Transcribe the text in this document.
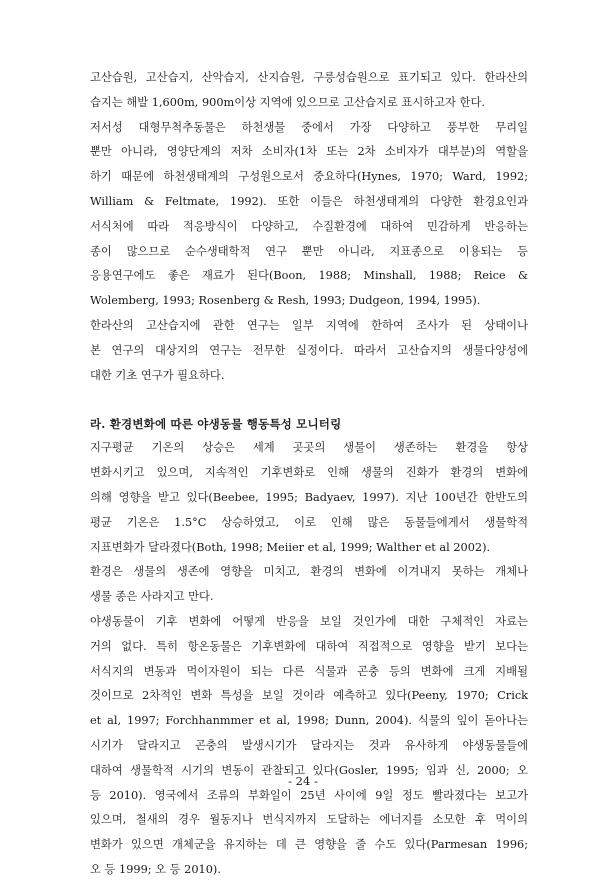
고산습원, 고산습지, 산악습지, 산지습원, 구릉성습원으로 표기되고 있다. 한라산의
습지는 해발 1,600m, 900m이상 지역에 있으므로 고산습지로 표시하고자 한다.

저서성 대형무척추동물은 하천생물 중에서 가장 다양하고 풍부한 무리일
뿐만 아니라, 영양단계의 저차 소비자(1차 또는 2차 소비자가 대부분)의 역할을
하기 때문에 하천생태계의 구성원으로서 중요하다(Hynes, 1970; Ward, 1992;
William & Feltmate, 1992). 또한 이들은 하천생태계의 다양한 환경요인과
서식처에 따라 적응방식이 다양하고, 수질환경에 대하여 민감하게 반응하는
종이 많으므로 순수생태학적 연구 뿐만 아니라, 지표종으로 이용되는 등
응용연구에도 좋은 재료가 된다(Boon, 1988; Minshall, 1988; Reice &
Wolemberg, 1993; Rosenberg & Resh, 1993; Dudgeon, 1994, 1995).

한라산의 고산습지에 관한 연구는 일부 지역에 한하여 조사가 된 상태이나
본 연구의 대상지의 연구는 전무한 실정이다. 따라서 고산습지의 생물다양성에
대한 기초 연구가 필요하다.

라. 환경변화에 따른 야생동물 행동특성 모니터링

지구평균 기온의 상승은 세계 곳곳의 생물이 생존하는 환경을 항상
변화시키고 있으며, 지속적인 기후변화로 인해 생물의 진화가 환경의 변화에
의해 영향을 받고 있다(Beebee, 1995; Badyaev, 1997). 지난 100년간 한반도의
평균 기온은 1.5°C 상승하였고, 이로 인해 많은 동물들에게서 생물학적
지표변화가 달라졌다(Both, 1998; Meiier et al, 1999; Walther et al 2002).

환경은 생물의 생존에 영향을 미치고, 환경의 변화에 이겨내지 못하는 개체나
생물 종은 사라지고 만다.

야생동물이 기후 변화에 어떻게 반응을 보일 것인가에 대한 구체적인 자료는
거의 없다. 특히 항온동물은 기후변화에 대하여 직접적으로 영향을 받기 보다는
서식지의 변동과 먹이자원이 되는 다른 식물과 곤충 등의 변화에 크게 지배될
것이므로 2차적인 변화 특성을 보일 것이라 예측하고 있다(Peeny, 1970; Crick
et al, 1997; Forchhanmmer et al, 1998; Dunn, 2004). 식물의 잎이 돋아나는
시기가 달라지고 곤충의 발생시기가 달라지는 것과 유사하게 야생동물들에
대하여 생물학적 시기의 변동이 관찰되고 있다(Gosler, 1995; 임과 신, 2000; 오
등 2010). 영국에서 조류의 부화일이 25년 사이에 9일 정도 빨라졌다는 보고가
있으며, 철새의 경우 월동지나 번식지까지 도달하는 에너지를 소모한 후 먹이의
변화가 있으면 개체군을 유지하는 데 큰 영향을 줄 수도 있다(Parmesan 1996;
오 등 1999; 오 등 2010).

- 24 -
